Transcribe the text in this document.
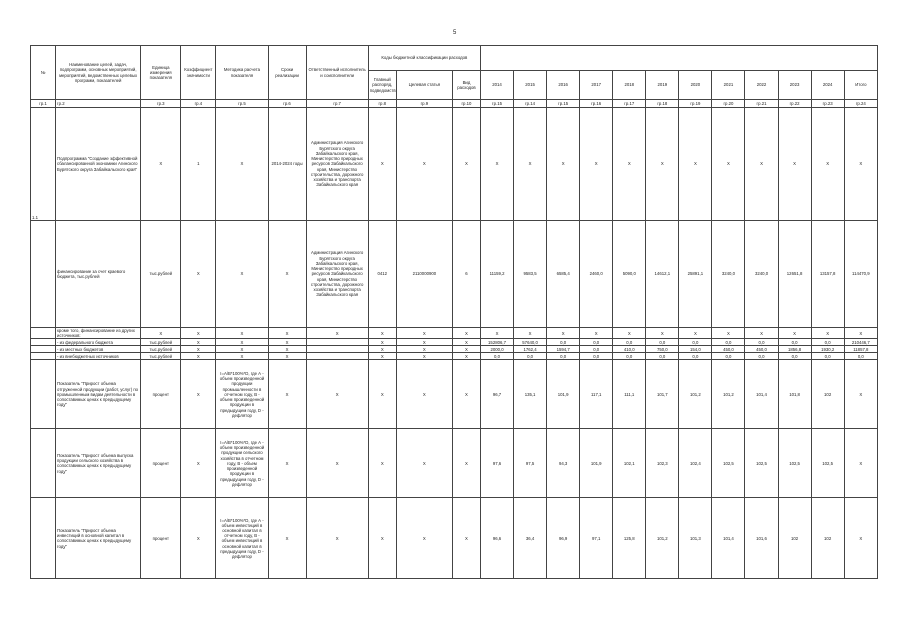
5
№	Наименование целей, задач, подпрограмм, основных мероприятий, мероприятий, ведомственных целевых программ, показателей	Единица измерения показателя	Коэффициент значимости	Методика расчета показателя	Сроки реализации	Ответственный исполнитель и соисполнители	Коды бюджетной классификации расходов														
							Главный распоряд, подведомств	Целевая статья	Вид расходов	2014	2015	2016	2017	2018	2019	2020	2021	2022	2023	2024	Итого
гр.1	гр.2	гр.3	гр.4	гр.5	гр.6	гр.7	гр.8	гр.9	гр.10	гр.15	гр.14	гр.15	гр.16	гр.17	гр.18	гр.19	гр.20	гр.21	гр.22	гр.23	гр.24
1.1	Подпрограмма "Создание эффективной сбалансированной экономики Агинского Бурятского округа Забайкальского края"	Х	1	Х	2014-2024 годы	Администрация Агинского Бурятского округа Забайкальского края, Министерство природных ресурсов Забайкальского края, Министерство строительства, дорожного хозяйства и транспорта Забайкальского края	Х	Х	Х	Х	Х	Х	Х	Х	Х	Х	Х	Х	Х	Х	Х
	финансирование за счет краевого бюджета, тыс.рублей	тыс.рублей	Х	Х	Х	Администрация Агинского Бурятского округа Забайкальского края, Министерство природных ресурсов Забайкальского края, Министерство строительства, дорожного хозяйства и транспорта Забайкальского края	0412	2110000900	6	11159,2	9583,5	6585,4	2460,0	5090,0	14612,1	25891,1	3240,0	3240,0	12651,8	13157,8	114470,9
	кроме того, финансирование из других источников:	Х	Х	Х	Х	Х	Х	Х	Х	Х	Х	Х	Х	Х	Х	Х	Х	Х	Х	Х	Х
	- из федерального бюджета	тыс.рублей	Х	Х	Х		Х	Х	Х	152806,7	57640,0	0,0	0,0	0,0	0,0	0,0	0,0	0,0	0,0	0,0	210446,7
	- из местных бюджетов	тыс.рублей	Х	Х	Х		Х	Х	Х	2000,0	1762,4	1594,7	0,0	410,0	750,0	154,0	450,0	450,0	1856,8	1930,2	11857,8
	- из внебюджетных источников	тыс.рублей	Х	Х	Х		Х	Х	Х	0,0	0,0	0,0	0,0	0,0	0,0	0,0	0,0	0,0	0,0	0,0	0,0
	Показатель "Прирост объема отгруженной продукции (работ, услуг) по промышленным видам деятельности в сопоставимых ценах к предыдущему году"	процент	Х	I=A/B*100%*D, где А - объем произведенной продукции промышленности в отчетном году, В - объем произведенной продукции в предыдущем году, D - дефлятор	Х	Х	Х	Х	Х	96,7	135,1	101,9	117,1	111,1	101,7	101,2	101,2	101,4	101,8	102	Х
	Показатель "Прирост объема выпуска продукции сельского хозяйства в сопоставимых ценах к предыдущему году"	процент	Х	I=A/B*100%*D, где А - объем произведенной продукции сельского хозяйства в отчетном году, В - объем произведенной продукции в предыдущем году, D - дефлятор	Х	Х	Х	Х	Х	97,6	97,5	94,3	101,9	102,1	102,3	102,4	102,5	102,5	102,5	102,5	Х
	Показатель "Прирост объема инвестиций в основной капитал в сопоставимых ценах к предыдущему году"	процент	Х	I=A/B*100%*D, где А - объем инвестиций в основной капитал в отчетном году, В - объем инвестиций в основной капитал в предыдущем году, D - дефлятор	Х	Х	Х	Х	Х	96,6	36,4	96,9	97,1	125,8	101,2	101,3	101,4	101,6	102	102	Х
